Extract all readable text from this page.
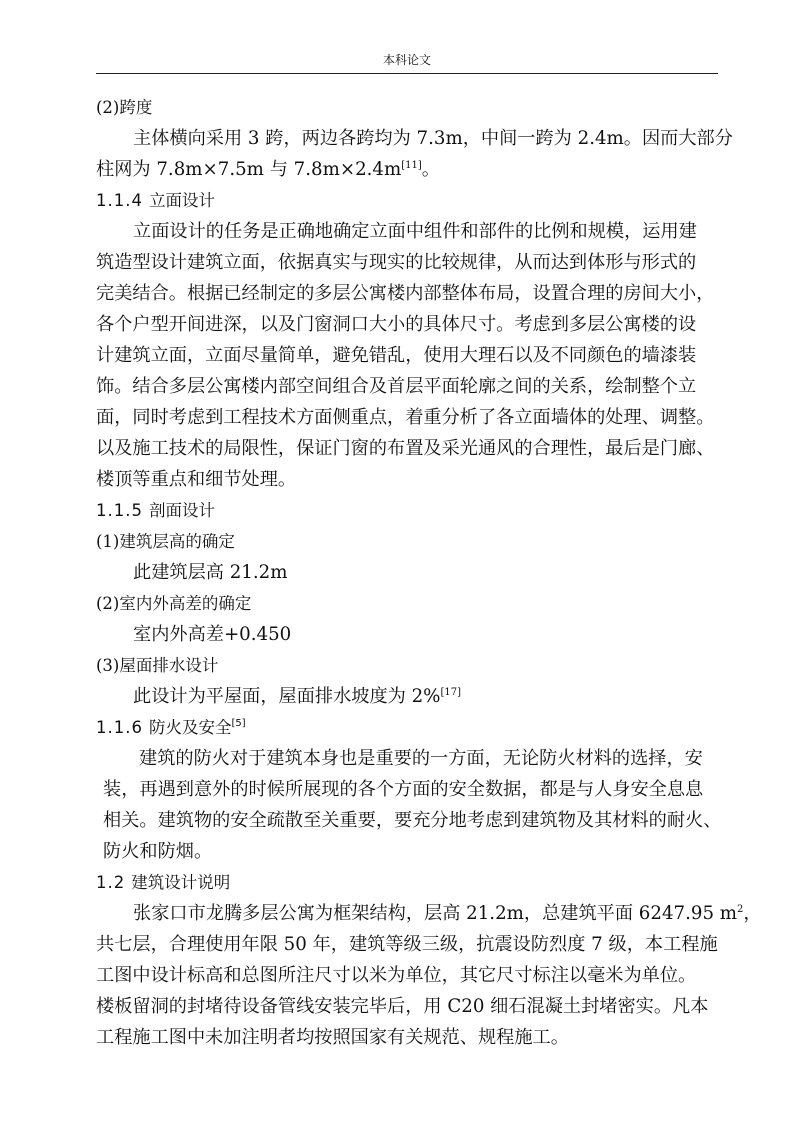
本科论文
(2)跨度
主体横向采用 3 跨，两边各跨均为 7.3m，中间一跨为 2.4m。因而大部分
柱网为 7.8m×7.5m 与 7.8m×2.4m[11]。
1.1.4 立面设计
立面设计的任务是正确地确定立面中组件和部件的比例和规模，运用建
筑造型设计建筑立面，依据真实与现实的比较规律，从而达到体形与形式的
完美结合。根据已经制定的多层公寓楼内部整体布局，设置合理的房间大小，
各个户型开间进深，以及门窗洞口大小的具体尺寸。考虑到多层公寓楼的设
计建筑立面，立面尽量简单，避免错乱，使用大理石以及不同颜色的墙漆装
饰。结合多层公寓楼内部空间组合及首层平面轮廓之间的关系，绘制整个立
面，同时考虑到工程技术方面侧重点，着重分析了各立面墙体的处理、调整。
以及施工技术的局限性，保证门窗的布置及采光通风的合理性，最后是门廊、
楼顶等重点和细节处理。
1.1.5 剖面设计
(1)建筑层高的确定
此建筑层高 21.2m
(2)室内外高差的确定
室内外高差+0.450
(3)屋面排水设计
此设计为平屋面，屋面排水坡度为 2%[17]
1.1.6 防火及安全[5]
建筑的防火对于建筑本身也是重要的一方面，无论防火材料的选择，安
装，再遇到意外的时候所展现的各个方面的安全数据，都是与人身安全息息
相关。建筑物的安全疏散至关重要，要充分地考虑到建筑物及其材料的耐火、
防火和防烟。
1.2 建筑设计说明
张家口市龙腾多层公寓为框架结构，层高 21.2m，总建筑平面 6247.95 $m^2$，
共七层，合理使用年限 50 年，建筑等级三级，抗震设防烈度 7 级，本工程施
工图中设计标高和总图所注尺寸以米为单位，其它尺寸标注以毫米为单位。
楼板留洞的封堵待设备管线安装完毕后，用 C20 细石混凝土封堵密实。凡本
工程施工图中未加注明者均按照国家有关规范、规程施工。
